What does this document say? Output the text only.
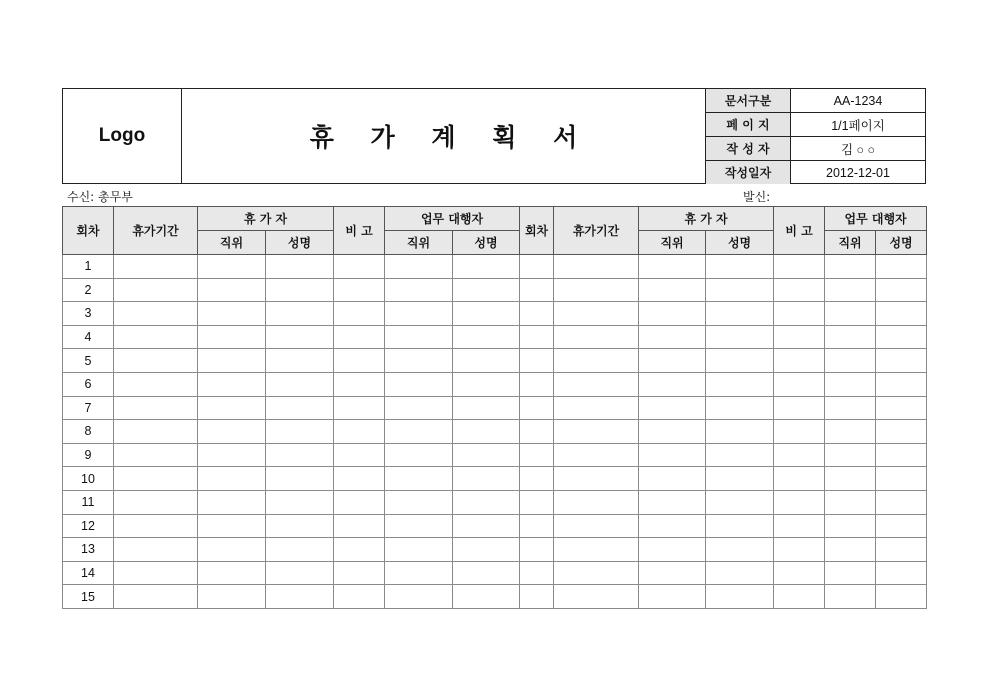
Logo	휴 가 계 획 서
문서구분	AA-1234
페 이 지	1/1페이지
작 성 자	김 ○ ○
작성일자	2012-12-01
수신: 총무부	발신:
회차	휴가기간	휴 가 자		비 고	업무 대행자		회차	휴가기간	휴 가 자		비 고	업무 대행자	
		직위	성명		직위	성명			직위	성명		직위	성명
1													
2													
3													
4													
5													
6													
7													
8													
9													
10													
11													
12													
13													
14													
15													
